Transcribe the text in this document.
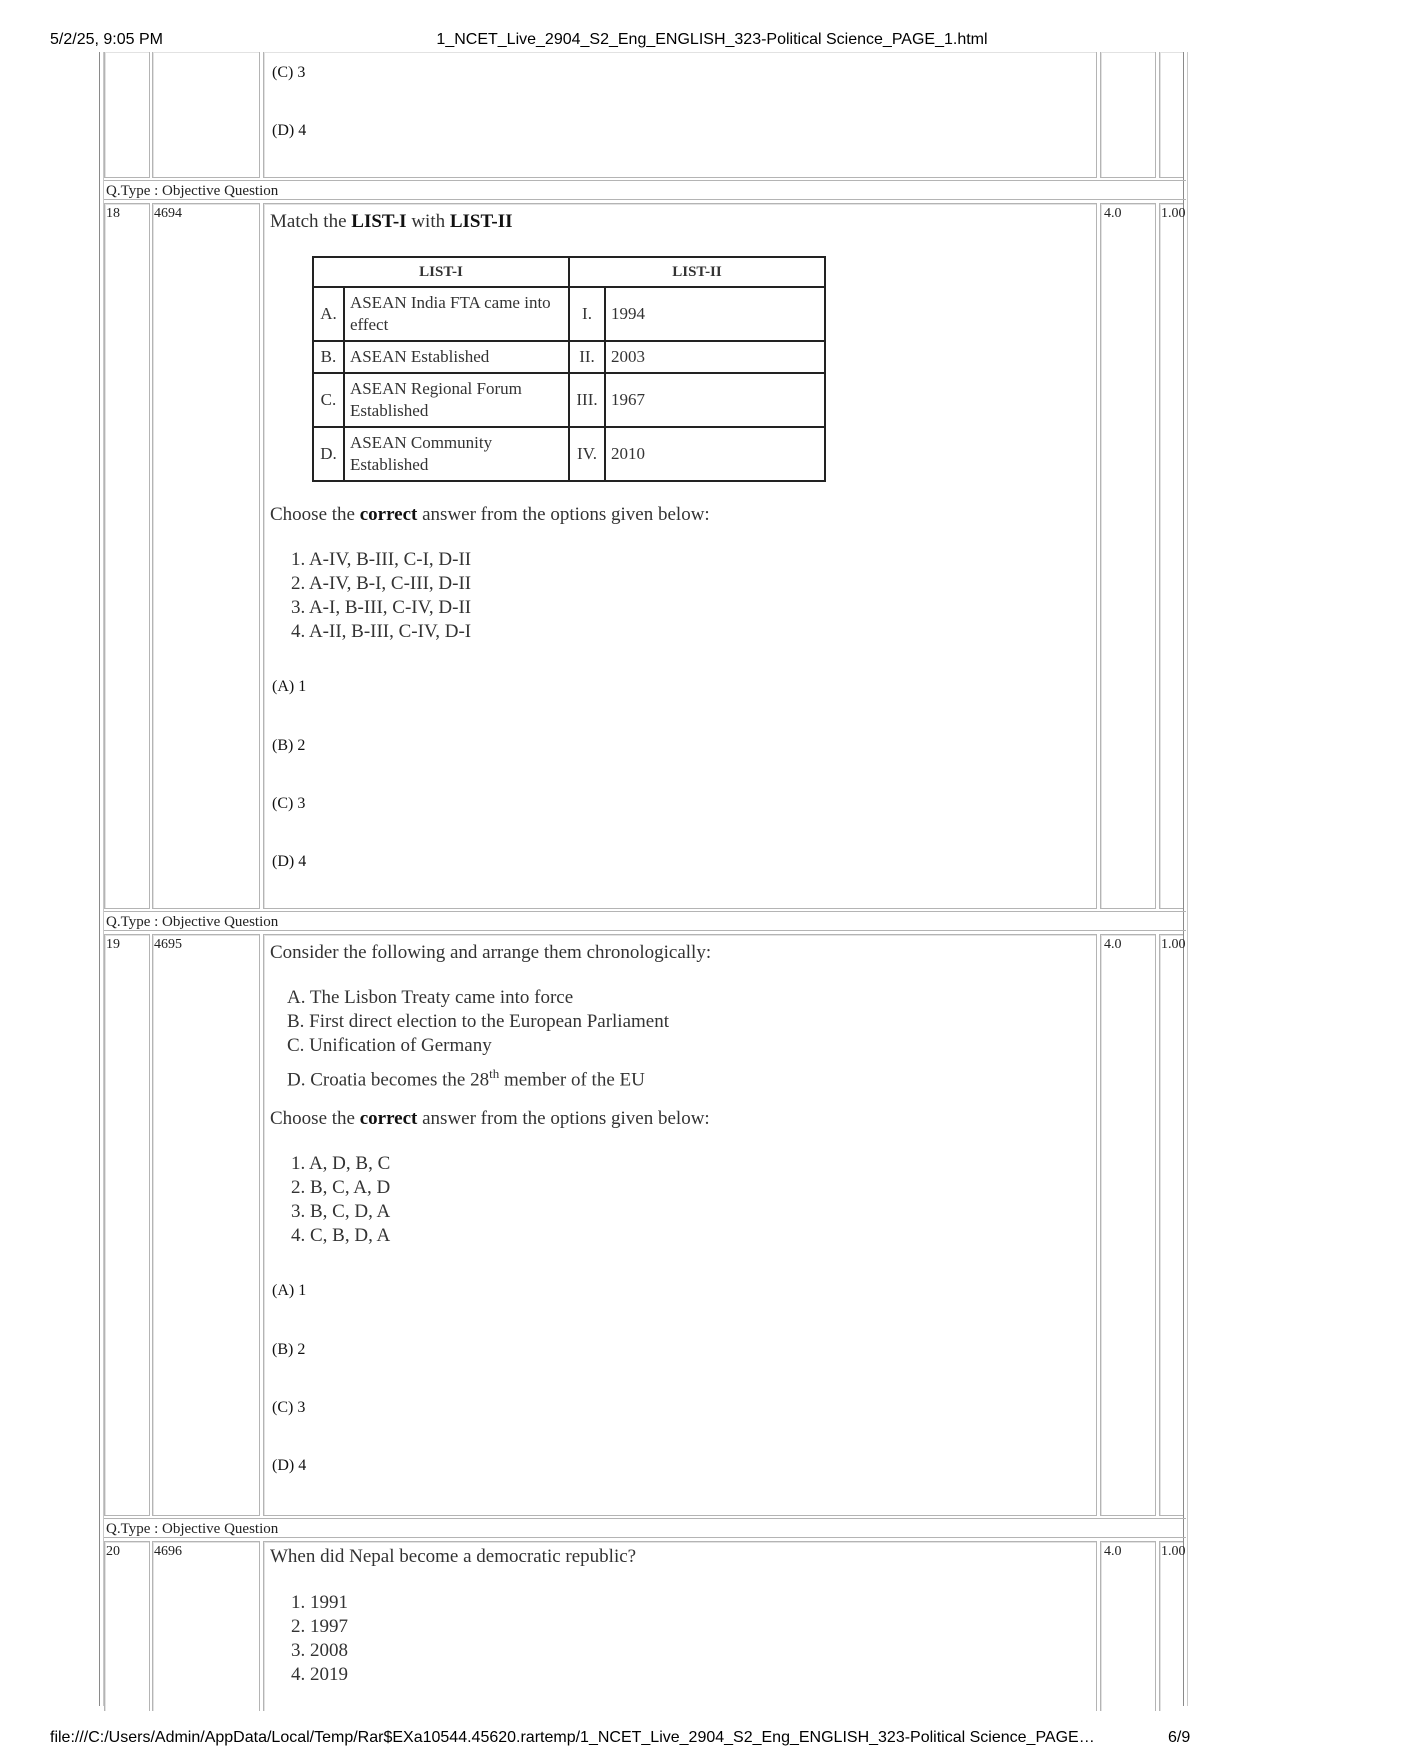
5/2/25, 9:05 PM	1_NCET_Live_2904_S2_Eng_ENGLISH_323-Political Science_PAGE_1.html
(C) 3
(D) 4
Q.Type : Objective Question
18 4694	4.0	1.00
Match the LIST-I with LIST-II
LIST-I		LIST-II	
A.	ASEAN India FTA came into effect	I.	1994
B.	ASEAN Established	II.	2003
C.	ASEAN Regional Forum Established	III.	1967
D.	ASEAN Community Established	IV.	2010
Choose the correct answer from the options given below:
1. A-IV, B-III, C-I, D-II
2. A-IV, B-I, C-III, D-II
3. A-I, B-III, C-IV, D-II
4. A-II, B-III, C-IV, D-I
(A) 1
(B) 2
(C) 3
(D) 4
Q.Type : Objective Question
19 4695	4.0	1.00
Consider the following and arrange them chronologically:
A. The Lisbon Treaty came into force
B. First direct election to the European Parliament
C. Unification of Germany
D. Croatia becomes the 28th member of the EU
Choose the correct answer from the options given below:
1. A, D, B, C
2. B, C, A, D
3. B, C, D, A
4. C, B, D, A
(A) 1
(B) 2
(C) 3
(D) 4
Q.Type : Objective Question
20 4696	4.0	1.00
When did Nepal become a democratic republic?
1. 1991
2. 1997
3. 2008
4. 2019
file:///C:/Users/Admin/AppData/Local/Temp/Rar$EXa10544.45620.rartemp/1_NCET_Live_2904_S2_Eng_ENGLISH_323-Political Science_PAGE…	6/9
